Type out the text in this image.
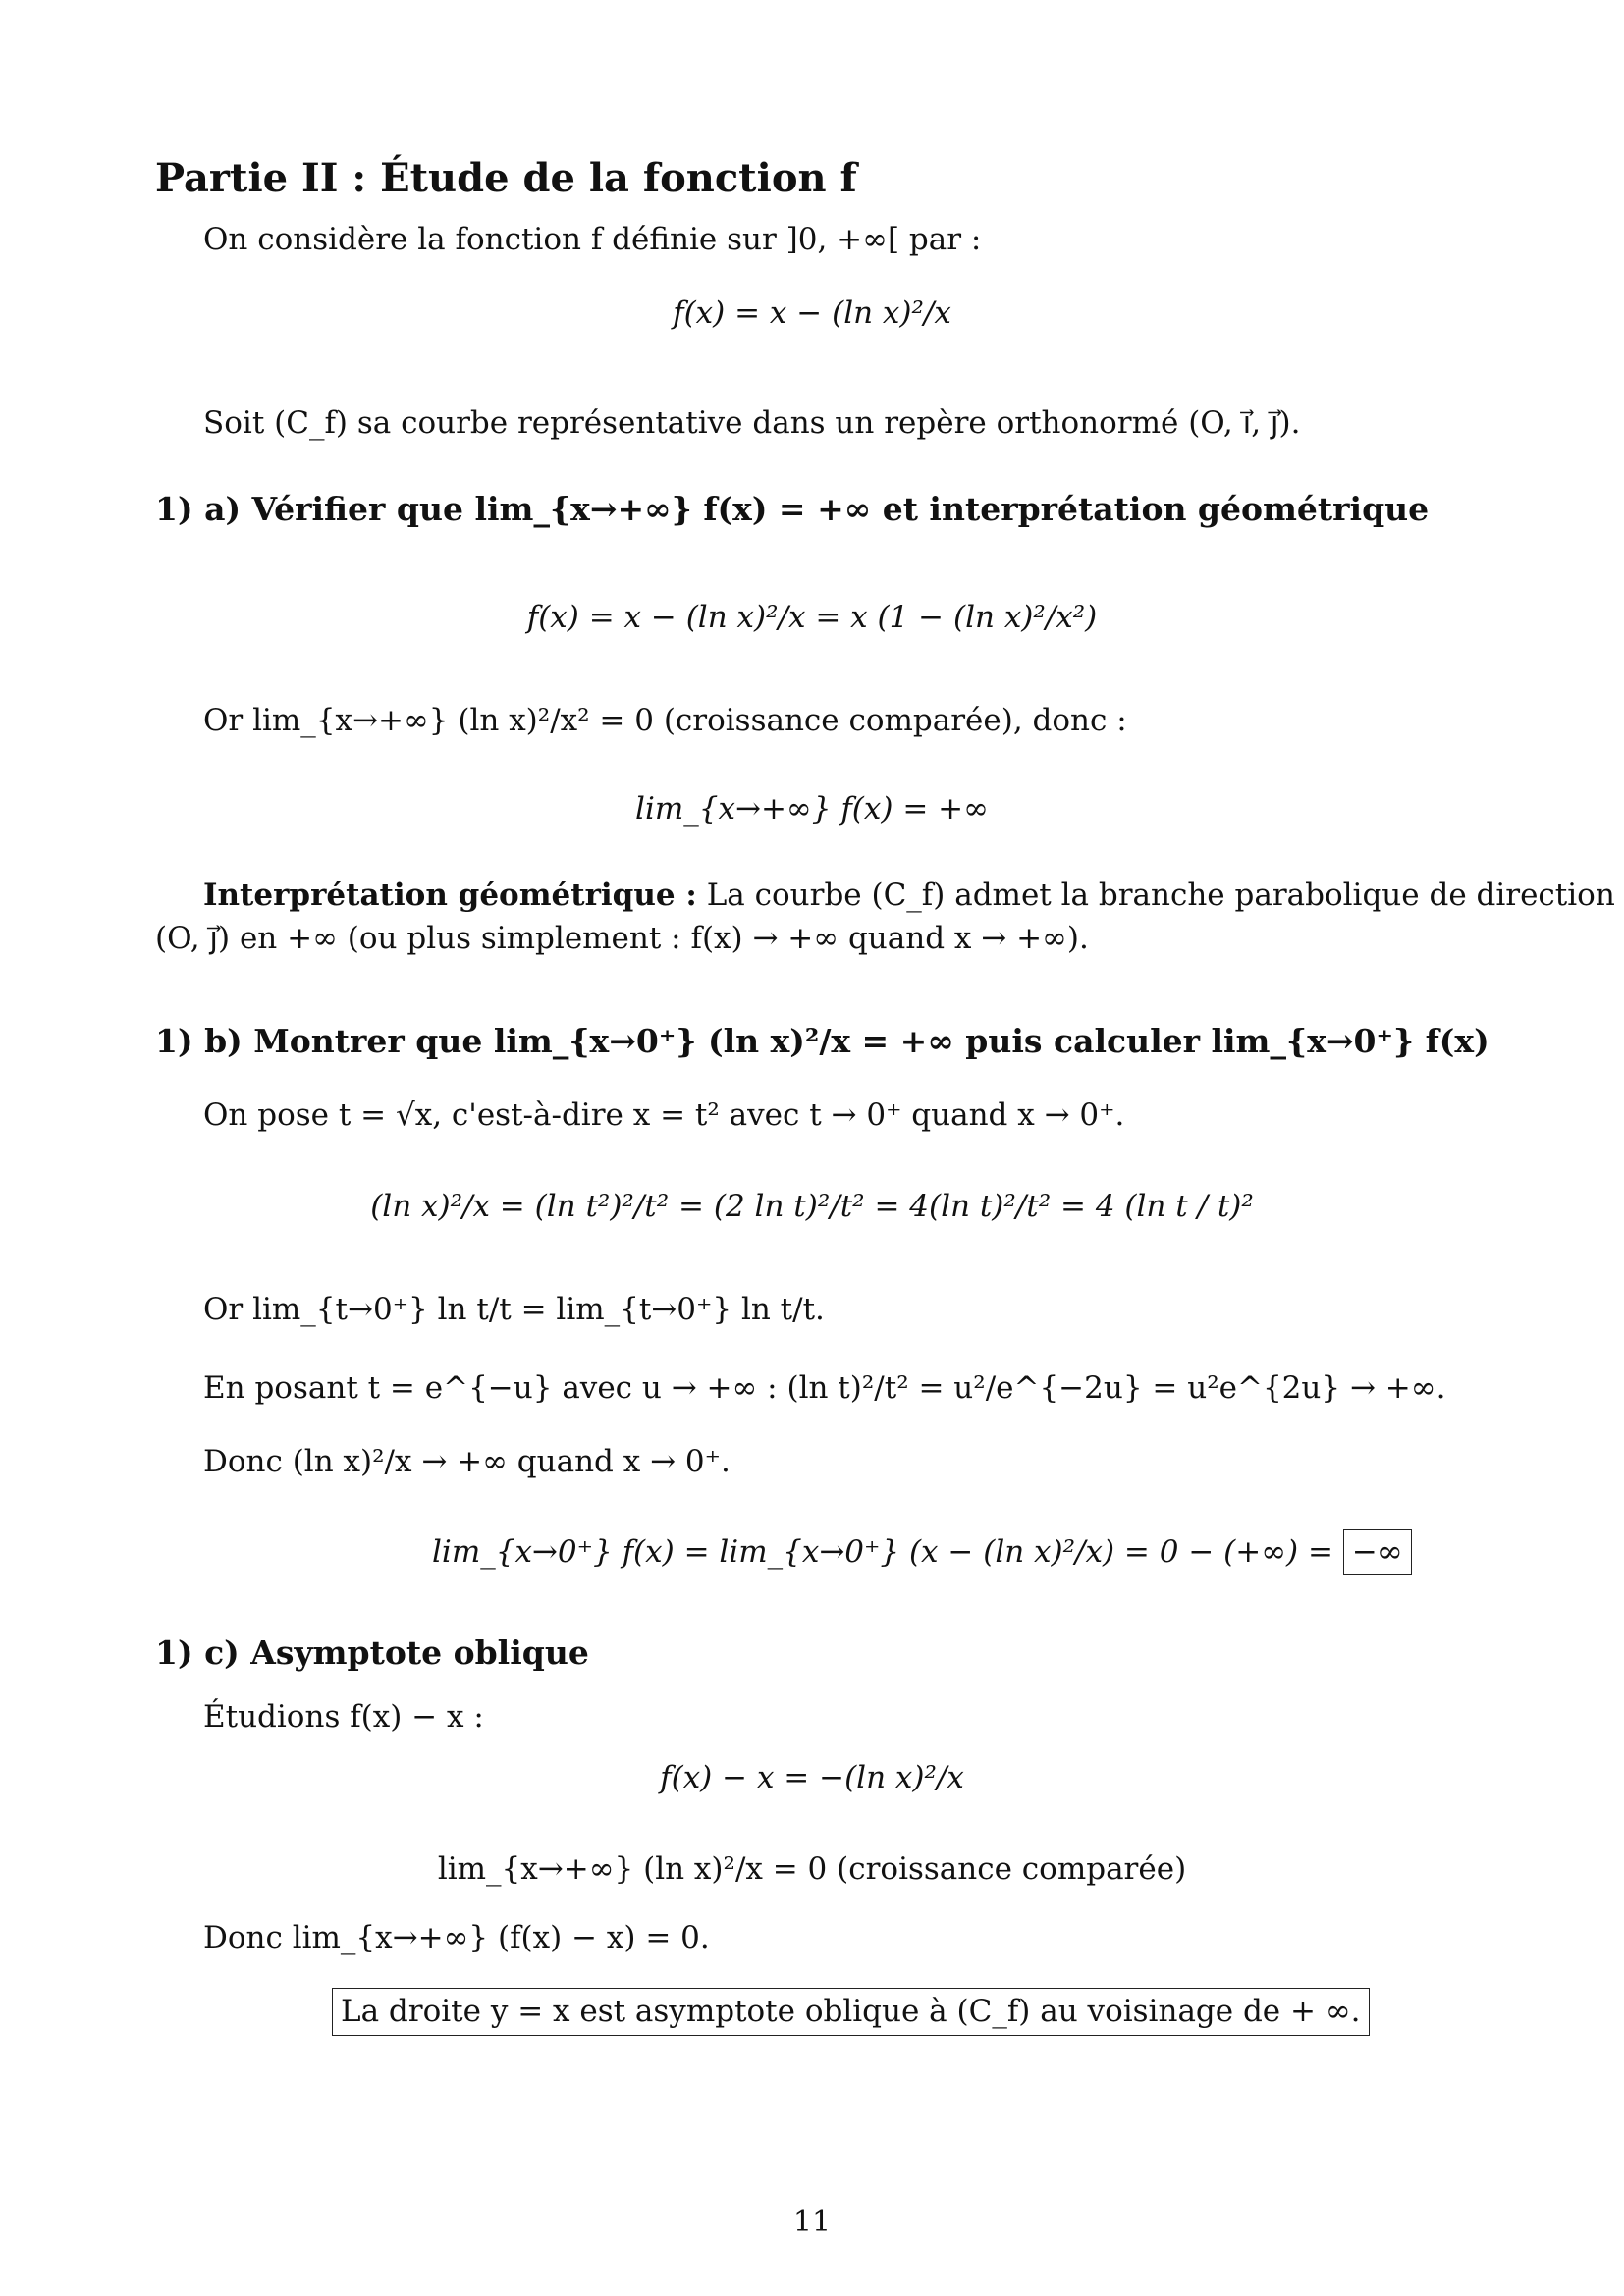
Partie II : Étude de la fonction f
On considère la fonction f définie sur ]0, +∞[ par :
f(x) = x − (ln x)²/x
Soit (C_f) sa courbe représentative dans un repère orthonormé (O, i⃗, j⃗).
1) a) Vérifier que lim_{x→+∞} f(x) = +∞ et interprétation géométrique
f(x) = x − (ln x)²/x = x (1 − (ln x)²/x²)
Or lim_{x→+∞} (ln x)²/x² = 0 (croissance comparée), donc :
lim_{x→+∞} f(x) = +∞
Interprétation géométrique : La courbe (C_f) admet la branche parabolique de direction
(O, j⃗) en +∞ (ou plus simplement : f(x) → +∞ quand x → +∞).
1) b) Montrer que lim_{x→0⁺} (ln x)²/x = +∞ puis calculer lim_{x→0⁺} f(x)
On pose t = √x, c'est-à-dire x = t² avec t → 0⁺ quand x → 0⁺.
(ln x)²/x = (ln t²)²/t² = (2 ln t)²/t² = 4(ln t)²/t² = 4 (ln t / t)²
Or lim_{t→0⁺} ln t/t = lim_{t→0⁺} ln t/t.
En posant t = e^{−u} avec u → +∞ : (ln t)²/t² = u²/e^{−2u} = u²e^{2u} → +∞.
Donc (ln x)²/x → +∞ quand x → 0⁺.
lim_{x→0⁺} f(x) = lim_{x→0⁺} (x − (ln x)²/x) = 0 − (+∞) = −∞
1) c) Asymptote oblique
Étudions f(x) − x :
f(x) − x = −(ln x)²/x
lim_{x→+∞} (ln x)²/x = 0 (croissance comparée)
Donc lim_{x→+∞} (f(x) − x) = 0.
La droite y = x est asymptote oblique à (C_f) au voisinage de + ∞.
11
